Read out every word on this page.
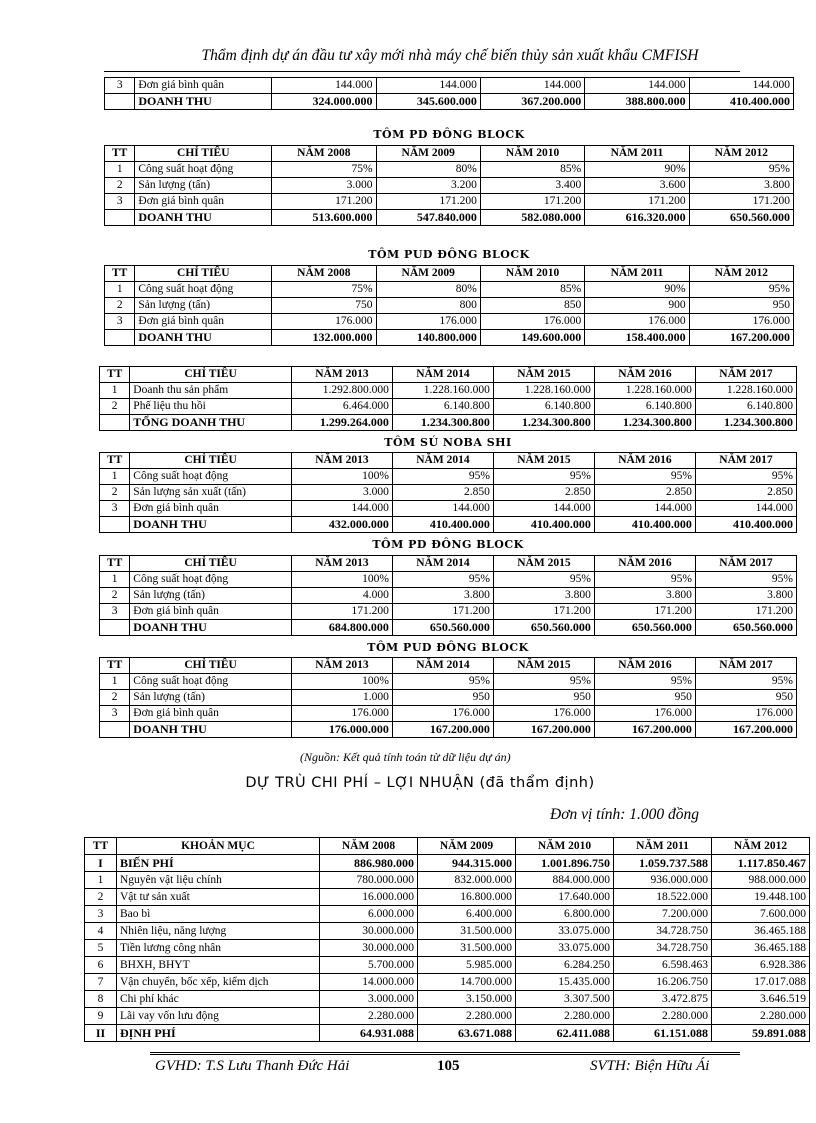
Thẩm định dự án đầu tư xây mới nhà máy chế biến thủy sản xuất khẩu CMFISH
3	Đơn giá bình quân	144.000	144.000	144.000	144.000	144.000
	DOANH THU	324.000.000	345.600.000	367.200.000	388.800.000	410.400.000
TÔM PD ĐÔNG BLOCK
TT	CHỈ TIÊU	NĂM 2008	NĂM 2009	NĂM 2010	NĂM 2011	NĂM 2012
1	Công suất hoạt động	75%	80%	85%	90%	95%
2	Sản lượng (tấn)	3.000	3.200	3.400	3.600	3.800
3	Đơn giá bình quân	171.200	171.200	171.200	171.200	171.200
	DOANH THU	513.600.000	547.840.000	582.080.000	616.320.000	650.560.000
TÔM PUD ĐÔNG BLOCK
TT	CHỈ TIÊU	NĂM 2008	NĂM 2009	NĂM 2010	NĂM 2011	NĂM 2012
1	Công suất hoạt động	75%	80%	85%	90%	95%
2	Sản lượng (tấn)	750	800	850	900	950
3	Đơn giá bình quân	176.000	176.000	176.000	176.000	176.000
	DOANH THU	132.000.000	140.800.000	149.600.000	158.400.000	167.200.000
TT	CHỈ TIÊU	NĂM 2013	NĂM 2014	NĂM 2015	NĂM 2016	NĂM 2017
1	Doanh thu sản phẩm	1.292.800.000	1.228.160.000	1.228.160.000	1.228.160.000	1.228.160.000
2	Phế liệu thu hồi	6.464.000	6.140.800	6.140.800	6.140.800	6.140.800
	TỔNG DOANH THU	1.299.264.000	1.234.300.800	1.234.300.800	1.234.300.800	1.234.300.800
TÔM SÚ NOBA SHI
TT	CHỈ TIÊU	NĂM 2013	NĂM 2014	NĂM 2015	NĂM 2016	NĂM 2017
1	Công suất hoạt động	100%	95%	95%	95%	95%
2	Sản lượng sản xuất (tấn)	3.000	2.850	2.850	2.850	2.850
3	Đơn giá bình quân	144.000	144.000	144.000	144.000	144.000
	DOANH THU	432.000.000	410.400.000	410.400.000	410.400.000	410.400.000
TÔM PD ĐÔNG BLOCK
TT	CHỈ TIÊU	NĂM 2013	NĂM 2014	NĂM 2015	NĂM 2016	NĂM 2017
1	Công suất hoạt động	100%	95%	95%	95%	95%
2	Sản lượng (tấn)	4.000	3.800	3.800	3.800	3.800
3	Đơn giá bình quân	171.200	171.200	171.200	171.200	171.200
	DOANH THU	684.800.000	650.560.000	650.560.000	650.560.000	650.560.000
TÔM PUD ĐÔNG BLOCK
TT	CHỈ TIÊU	NĂM 2013	NĂM 2014	NĂM 2015	NĂM 2016	NĂM 2017
1	Công suất hoạt động	100%	95%	95%	95%	95%
2	Sản lượng (tấn)	1.000	950	950	950	950
3	Đơn giá bình quân	176.000	176.000	176.000	176.000	176.000
	DOANH THU	176.000.000	167.200.000	167.200.000	167.200.000	167.200.000
(Nguồn: Kết quả tính toán từ dữ liệu dự án)
DỰ TRÙ CHI PHÍ – LỢI NHUẬN (đã thẩm định)
Đơn vị tính: 1.000 đồng
TT	KHOẢN MỤC	NĂM 2008	NĂM 2009	NĂM 2010	NĂM 2011	NĂM 2012
I	BIẾN PHÍ	886.980.000	944.315.000	1.001.896.750	1.059.737.588	1.117.850.467
1	Nguyên vật liệu chính	780.000.000	832.000.000	884.000.000	936.000.000	988.000.000
2	Vật tư sản xuất	16.000.000	16.800.000	17.640.000	18.522.000	19.448.100
3	Bao bì	6.000.000	6.400.000	6.800.000	7.200.000	7.600.000
4	Nhiên liệu, năng lượng	30.000.000	31.500.000	33.075.000	34.728.750	36.465.188
5	Tiền lương công nhân	30.000.000	31.500.000	33.075.000	34.728.750	36.465.188
6	BHXH, BHYT	5.700.000	5.985.000	6.284.250	6.598.463	6.928.386
7	Vận chuyển, bốc xếp, kiểm dịch	14.000.000	14.700.000	15.435.000	16.206.750	17.017.088
8	Chi phí khác	3.000.000	3.150.000	3.307.500	3.472.875	3.646.519
9	Lãi vay vốn lưu động	2.280.000	2.280.000	2.280.000	2.280.000	2.280.000
II	ĐỊNH PHÍ	64.931.088	63.671.088	62.411.088	61.151.088	59.891.088
GVHD: T.S Lưu Thanh Đức Hải	105	SVTH: Biện Hữu Ái
